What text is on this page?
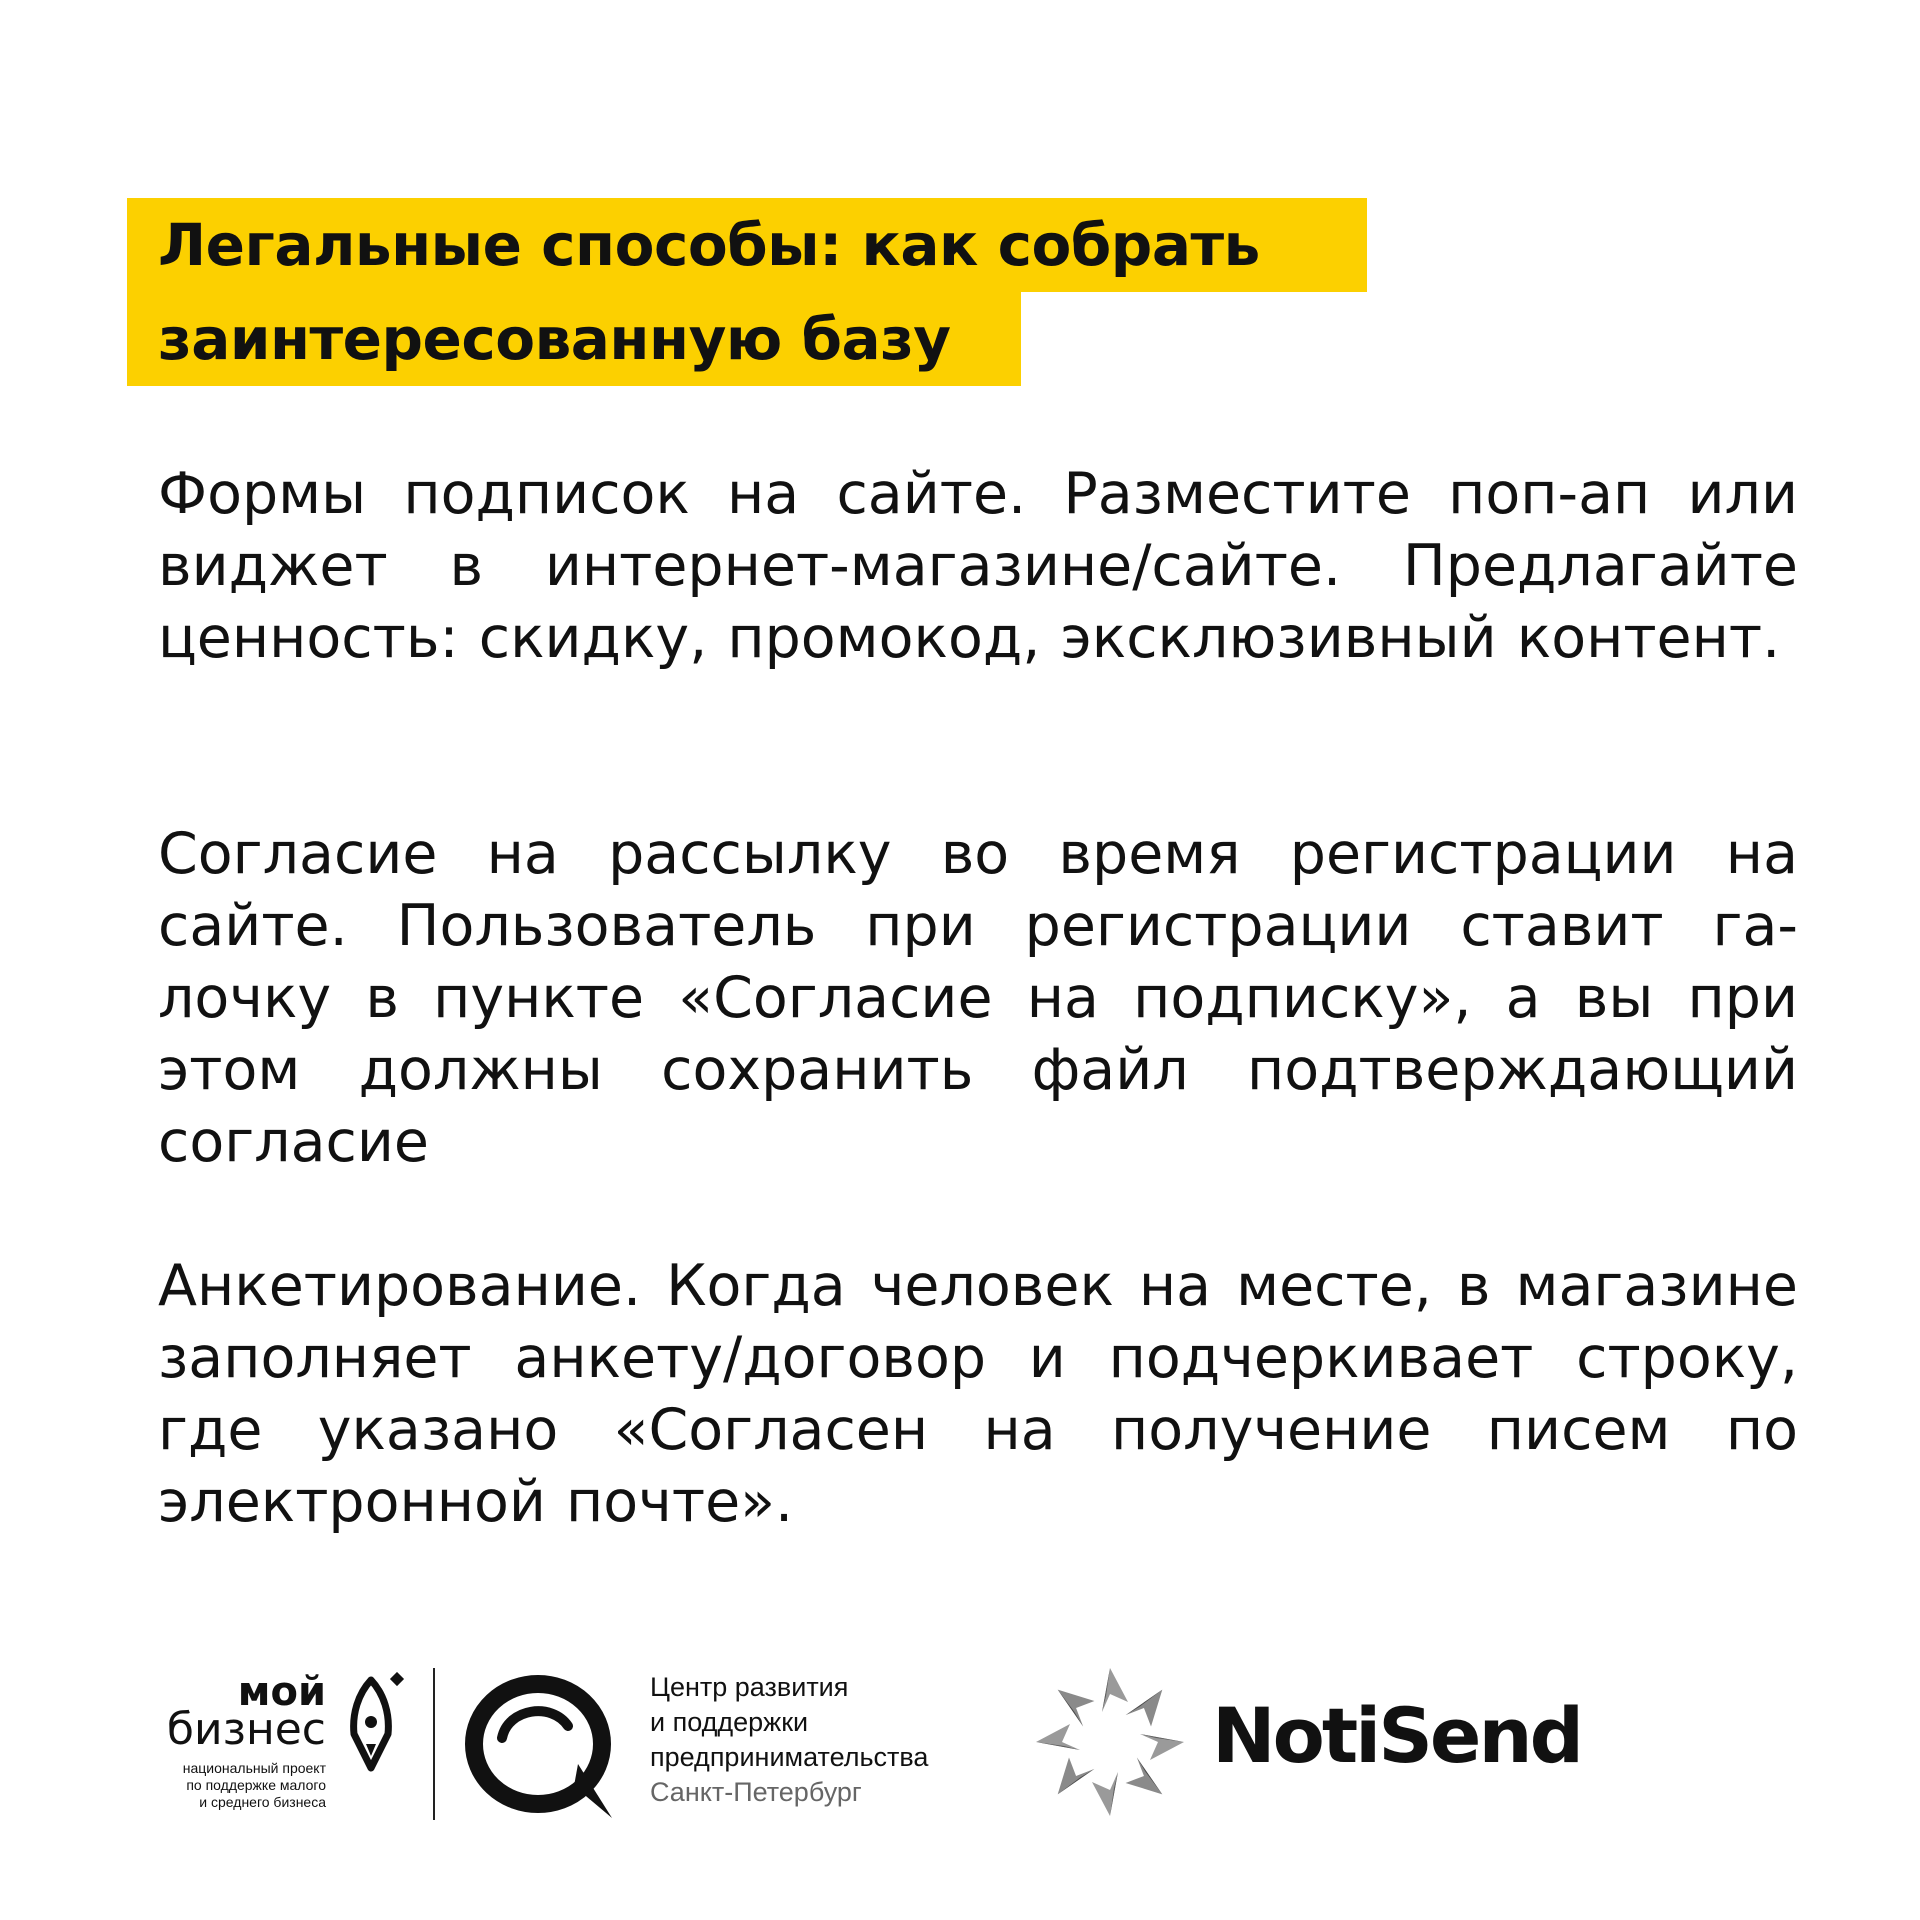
Легальные способы: как собрать
заинтересованную базу

Формы подписок на сайте. Разместите поп-ап или виджет в интернет-магазине/сайте. Предлагайте ценность: скидку, промокод, эксклюзивный контент.

Согласие на рассылку во время регистрации на сайте. Пользователь при регистрации ставит галочку в пункте «Согласие на подписку», а вы при этом должны сохранить файл подтверждающий согласие

Анкетирование. Когда человек на месте, в магазине заполняет анкету/договор и подчеркивает строку, где указано «Согласен на получение писем по электронной почте».

мой
бизнес
национальный проект
по поддержке малого
и среднего бизнеса
Центр развития
и поддержки
предпринимательства
Санкт-Петербург
NotiSend
